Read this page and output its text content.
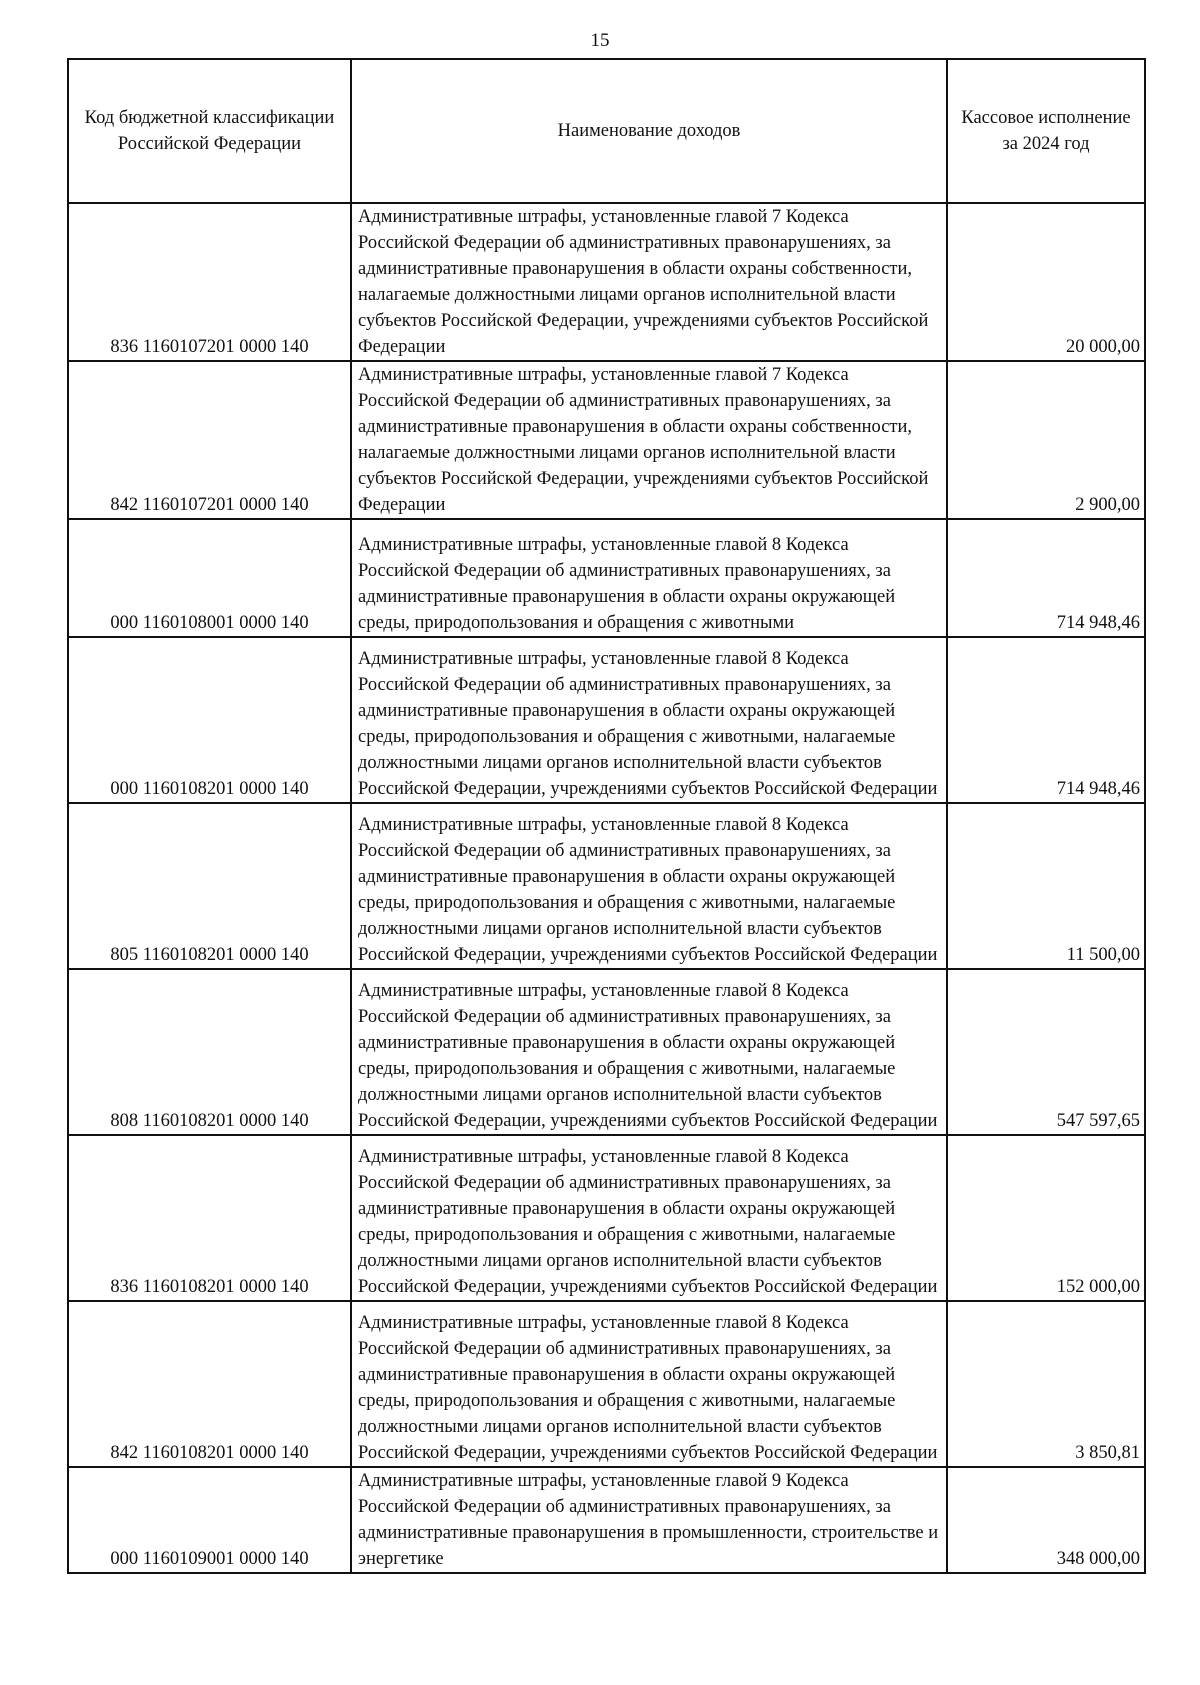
15
Код бюджетной классификации Российской Федерации	Наименование доходов	Кассовое исполнение за 2024 год
836 1160107201 0000 140	Административные штрафы, установленные главой 7 Кодекса Российской Федерации об административных правонарушениях, за административные правонарушения в области охраны собственности, налагаемые должностными лицами органов исполнительной власти субъектов Российской Федерации, учреждениями субъектов Российской Федерации	20 000,00
842 1160107201 0000 140	Административные штрафы, установленные главой 7 Кодекса Российской Федерации об административных правонарушениях, за административные правонарушения в области охраны собственности, налагаемые должностными лицами органов исполнительной власти субъектов Российской Федерации, учреждениями субъектов Российской Федерации	2 900,00
000 1160108001 0000 140	Административные штрафы, установленные главой 8 Кодекса Российской Федерации об административных правонарушениях, за административные правонарушения в области охраны окружающей среды, природопользования и обращения с животными	714 948,46
000 1160108201 0000 140	Административные штрафы, установленные главой 8 Кодекса Российской Федерации об административных правонарушениях, за административные правонарушения в области охраны окружающей среды, природопользования и обращения с животными, налагаемые должностными лицами органов исполнительной власти субъектов Российской Федерации, учреждениями субъектов Российской Федерации	714 948,46
805 1160108201 0000 140	Административные штрафы, установленные главой 8 Кодекса Российской Федерации об административных правонарушениях, за административные правонарушения в области охраны окружающей среды, природопользования и обращения с животными, налагаемые должностными лицами органов исполнительной власти субъектов Российской Федерации, учреждениями субъектов Российской Федерации	11 500,00
808 1160108201 0000 140	Административные штрафы, установленные главой 8 Кодекса Российской Федерации об административных правонарушениях, за административные правонарушения в области охраны окружающей среды, природопользования и обращения с животными, налагаемые должностными лицами органов исполнительной власти субъектов Российской Федерации, учреждениями субъектов Российской Федерации	547 597,65
836 1160108201 0000 140	Административные штрафы, установленные главой 8 Кодекса Российской Федерации об административных правонарушениях, за административные правонарушения в области охраны окружающей среды, природопользования и обращения с животными, налагаемые должностными лицами органов исполнительной власти субъектов Российской Федерации, учреждениями субъектов Российской Федерации	152 000,00
842 1160108201 0000 140	Административные штрафы, установленные главой 8 Кодекса Российской Федерации об административных правонарушениях, за административные правонарушения в области охраны окружающей среды, природопользования и обращения с животными, налагаемые должностными лицами органов исполнительной власти субъектов Российской Федерации, учреждениями субъектов Российской Федерации	3 850,81
000 1160109001 0000 140	Административные штрафы, установленные главой 9 Кодекса Российской Федерации об административных правонарушениях, за административные правонарушения в промышленности, строительстве и энергетике	348 000,00
